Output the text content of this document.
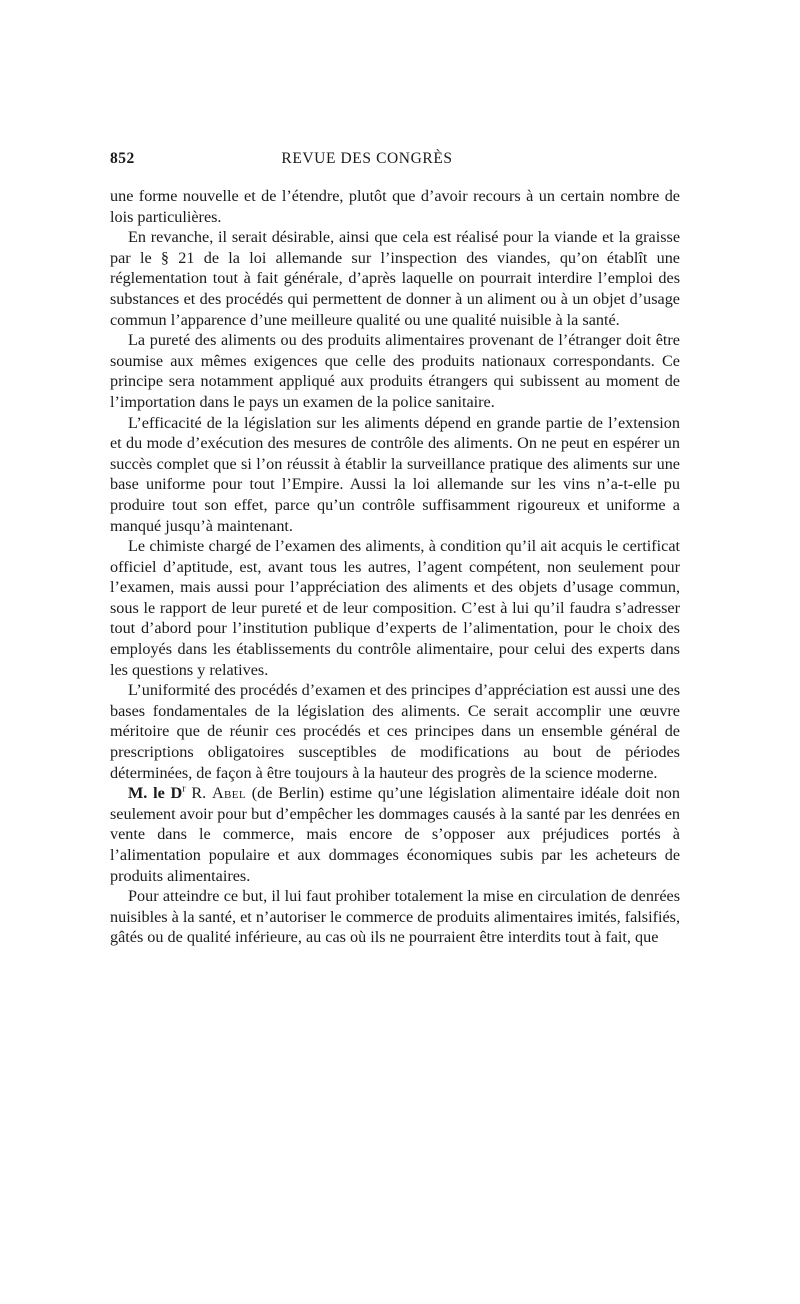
852	REVUE DES CONGRÈS

une forme nouvelle et de l’étendre, plutôt que d’avoir recours à un certain nombre de lois particulières.

En revanche, il serait désirable, ainsi que cela est réalisé pour la viande et la graisse par le § 21 de la loi allemande sur l’inspection des viandes, qu’on établît une réglementation tout à fait générale, d’après laquelle on pourrait interdire l’emploi des substances et des procédés qui permettent de donner à un aliment ou à un objet d’usage commun l’apparence d’une meilleure qualité ou une qualité nuisible à la santé.

La pureté des aliments ou des produits alimentaires provenant de l’étranger doit être soumise aux mêmes exigences que celle des produits nationaux correspondants. Ce principe sera notamment appliqué aux produits étrangers qui subissent au moment de l’importation dans le pays un examen de la police sanitaire.

L’efficacité de la législation sur les aliments dépend en grande partie de l’extension et du mode d’exécution des mesures de contrôle des aliments. On ne peut en espérer un succès complet que si l’on réussit à établir la surveillance pratique des aliments sur une base uniforme pour tout l’Empire. Aussi la loi allemande sur les vins n’a-t-elle pu produire tout son effet, parce qu’un contrôle suffisamment rigoureux et uniforme a manqué jusqu’à maintenant.

Le chimiste chargé de l’examen des aliments, à condition qu’il ait acquis le certificat officiel d’aptitude, est, avant tous les autres, l’agent compétent, non seulement pour l’examen, mais aussi pour l’appréciation des aliments et des objets d’usage commun, sous le rapport de leur pureté et de leur composition. C’est à lui qu’il faudra s’adresser tout d’abord pour l’institution publique d’experts de l’alimentation, pour le choix des employés dans les établissements du contrôle alimentaire, pour celui des experts dans les questions y relatives.

L’uniformité des procédés d’examen et des principes d’appréciation est aussi une des bases fondamentales de la législation des aliments. Ce serait accomplir une œuvre méritoire que de réunir ces procédés et ces principes dans un ensemble général de prescriptions obligatoires susceptibles de modifications au bout de périodes déterminées, de façon à être toujours à la hauteur des progrès de la science moderne.

M. le $D^r$ R. Abel (de Berlin) estime qu’une législation alimentaire idéale doit non seulement avoir pour but d’empêcher les dommages causés à la santé par les denrées en vente dans le commerce, mais encore de s’opposer aux préjudices portés à l’alimentation populaire et aux dommages économiques subis par les acheteurs de produits alimentaires.

Pour atteindre ce but, il lui faut prohiber totalement la mise en circulation de denrées nuisibles à la santé, et n’autoriser le commerce de produits alimentaires imités, falsifiés, gâtés ou de qualité inférieure, au cas où ils ne pourraient être interdits tout à fait, que
